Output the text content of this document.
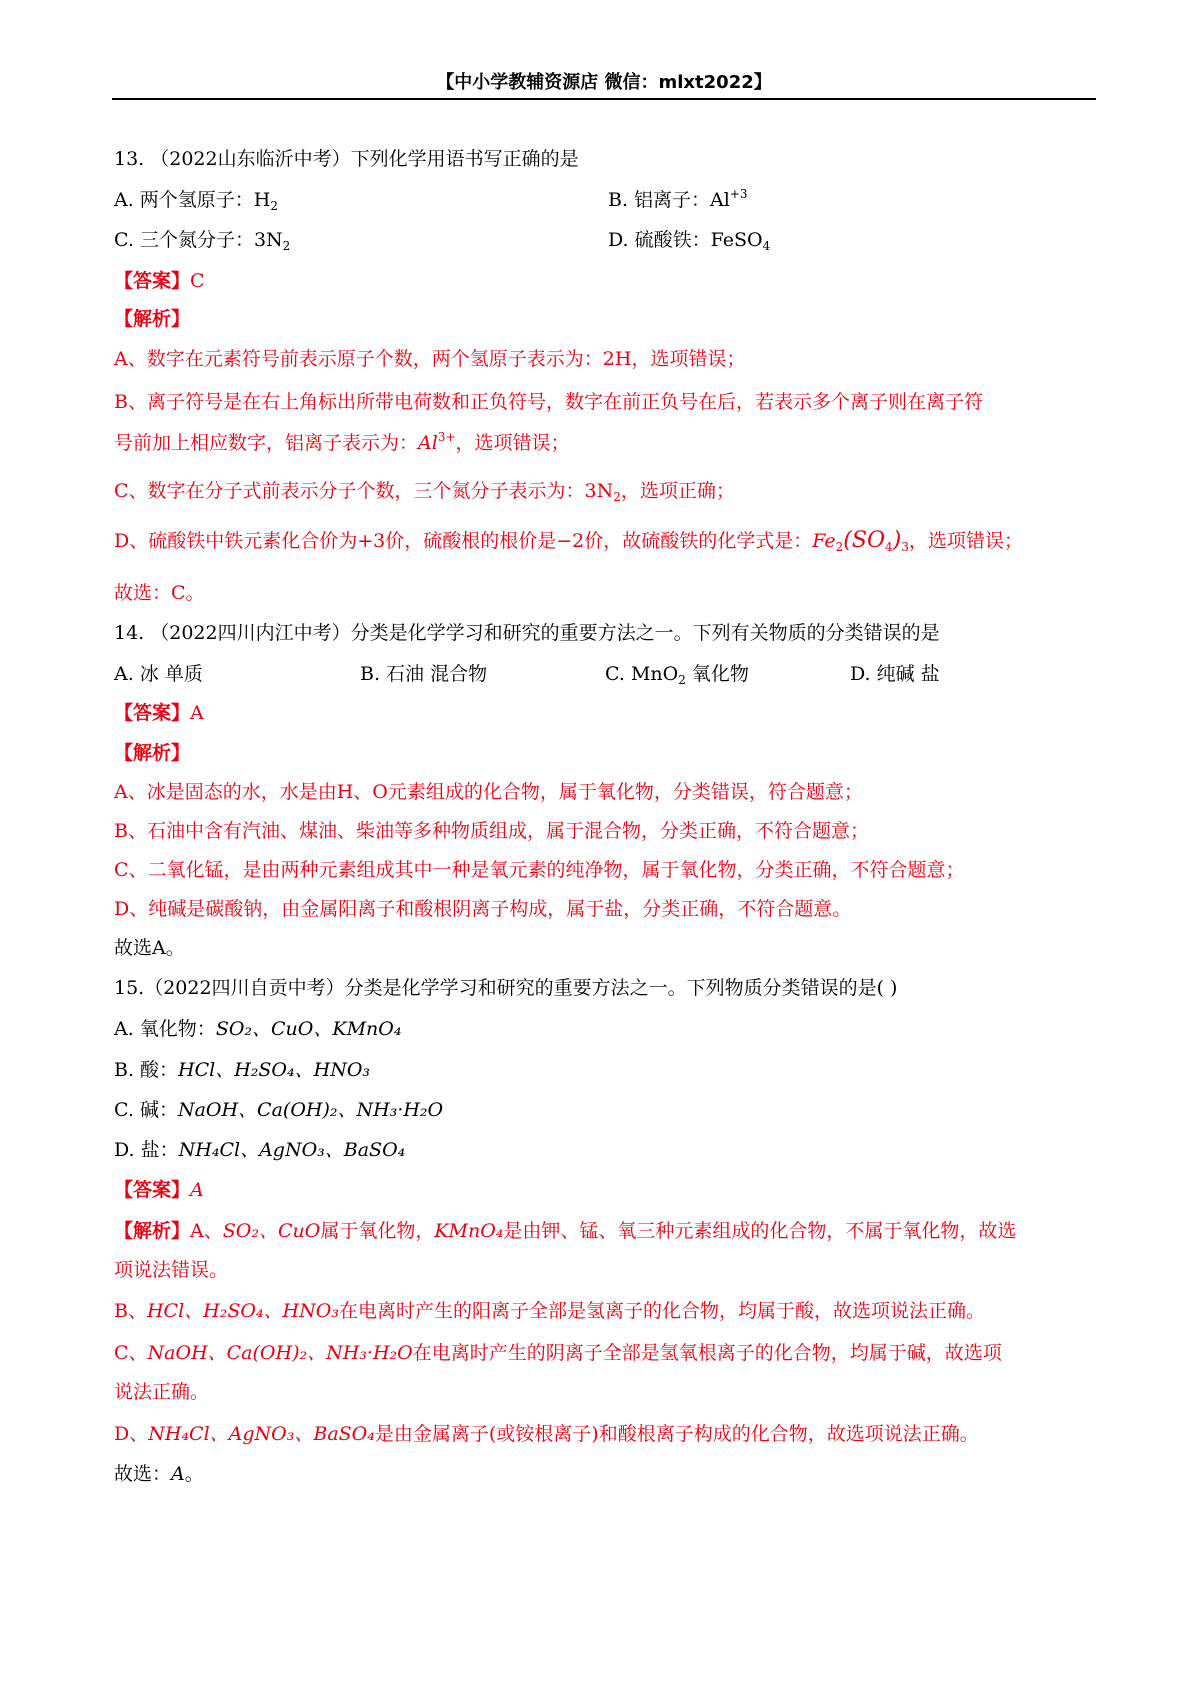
【中小学教辅资源店 微信：mlxt2022】
13. （2022山东临沂中考）下列化学用语书写正确的是
A. 两个氢原子：$H_2$	B. 铝离子：$Al^{+3}$
C. 三个氮分子：$3N_2$	D. 硫酸铁：FeSO$_4$
【答案】C
【解析】
A、数字在元素符号前表示原子个数，两个氢原子表示为：2H，选项错误；
B、离子符号是在右上角标出所带电荷数和正负符号，数字在前正负号在后，若表示多个离子则在离子符
号前加上相应数字，铝离子表示为：$Al^{3+}$，选项错误；
C、数字在分子式前表示分子个数，三个氮分子表示为：$3N_2$，选项正确；
D、硫酸铁中铁元素化合价为+3价，硫酸根的根价是−2价，故硫酸铁的化学式是：$Fe_2(SO_4)_3$，选项错误；
故选：C。
14. （2022四川内江中考）分类是化学学习和研究的重要方法之一。下列有关物质的分类错误的是
A. 冰 单质	B. 石油 混合物	C. MnO$_2$ 氧化物	D. 纯碱 盐
【答案】A
【解析】
A、冰是固态的水，水是由H、O元素组成的化合物，属于氧化物，分类错误，符合题意；
B、石油中含有汽油、煤油、柴油等多种物质组成，属于混合物，分类正确，不符合题意；
C、二氧化锰，是由两种元素组成其中一种是氧元素的纯净物，属于氧化物，分类正确，不符合题意；
D、纯碱是碳酸钠，由金属阳离子和酸根阴离子构成，属于盐，分类正确，不符合题意。
故选A。
15.（2022四川自贡中考）分类是化学学习和研究的重要方法之一。下列物质分类错误的是( )
A. 氧化物：SO₂、CuO、KMnO₄
B. 酸：HCl、H₂SO₄、HNO₃
C. 碱：NaOH、Ca(OH)₂、NH₃·H₂O
D. 盐：NH₄Cl、AgNO₃、BaSO₄
【答案】A
【解析】A、SO₂、CuO属于氧化物，KMnO₄是由钾、锰、氧三种元素组成的化合物，不属于氧化物，故选
项说法错误。
B、HCl、H₂SO₄、HNO₃在电离时产生的阳离子全部是氢离子的化合物，均属于酸，故选项说法正确。
C、NaOH、Ca(OH)₂、NH₃·H₂O在电离时产生的阴离子全部是氢氧根离子的化合物，均属于碱，故选项
说法正确。
D、NH₄Cl、AgNO₃、BaSO₄是由金属离子(或铵根离子)和酸根离子构成的化合物，故选项说法正确。
故选：A。
